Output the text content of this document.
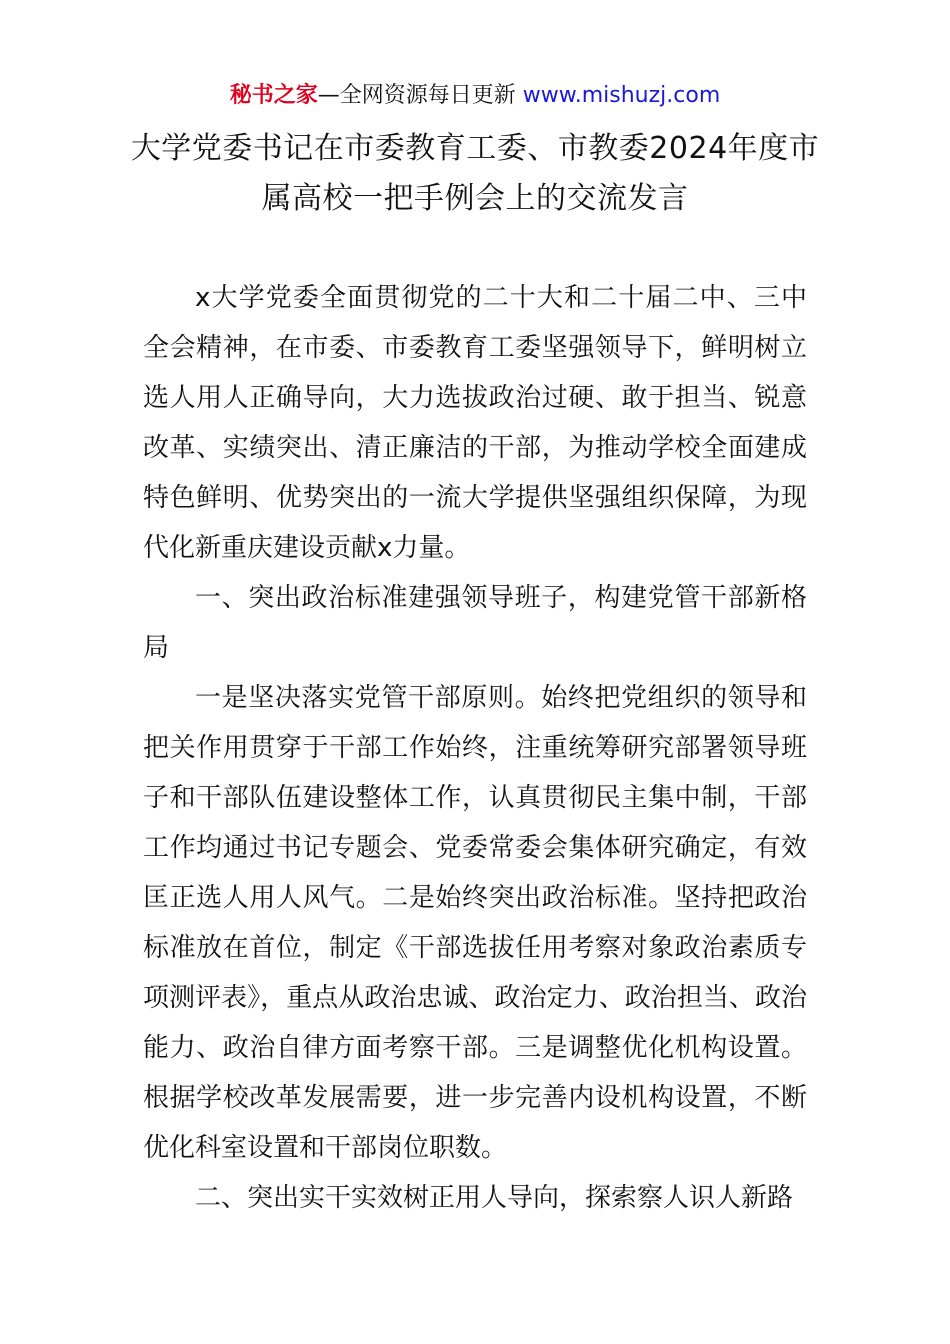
秘书之家—全网资源每日更新 www.mishuzj.com
大学党委书记在市委教育工委、市教委2024年度市属高校一把手例会上的交流发言

x大学党委全面贯彻党的二十大和二十届二中、三中全会精神，在市委、市委教育工委坚强领导下，鲜明树立选人用人正确导向，大力选拔政治过硬、敢于担当、锐意改革、实绩突出、清正廉洁的干部，为推动学校全面建成特色鲜明、优势突出的一流大学提供坚强组织保障，为现代化新重庆建设贡献x力量。

一、突出政治标准建强领导班子，构建党管干部新格局

一是坚决落实党管干部原则。始终把党组织的领导和把关作用贯穿于干部工作始终，注重统筹研究部署领导班子和干部队伍建设整体工作，认真贯彻民主集中制，干部工作均通过书记专题会、党委常委会集体研究确定，有效匡正选人用人风气。二是始终突出政治标准。坚持把政治标准放在首位，制定《干部选拔任用考察对象政治素质专项测评表》，重点从政治忠诚、政治定力、政治担当、政治能力、政治自律方面考察干部。三是调整优化机构设置。根据学校改革发展需要，进一步完善内设机构设置，不断优化科室设置和干部岗位职数。

二、突出实干实效树正用人导向，探索察人识人新路
